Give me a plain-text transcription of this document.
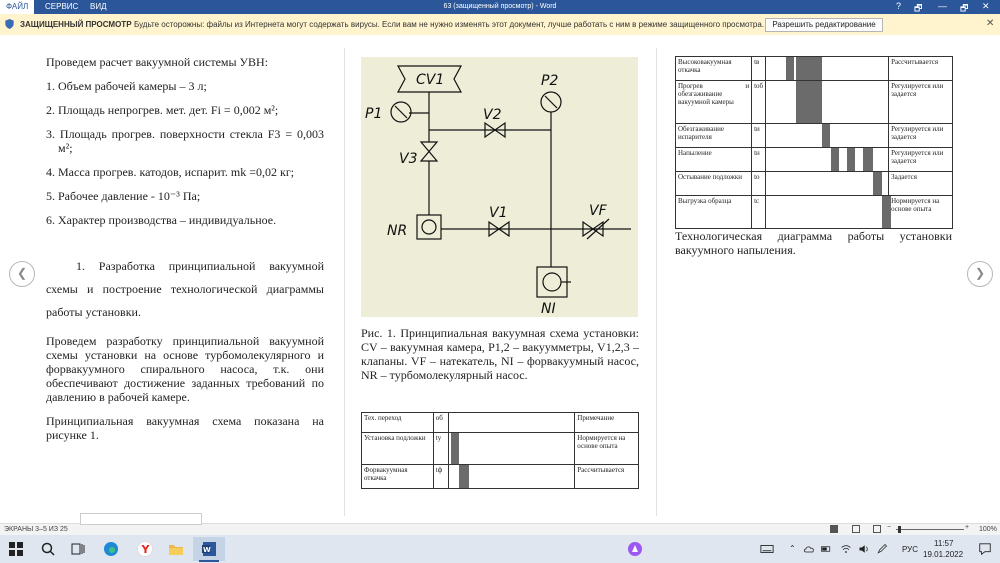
ФАЙЛ	СЕРВИС ВИД	63 (защищенный просмотр) - Word	? 🗗 — 🗗 ✕
ЗАЩИЩЕННЫЙ ПРОСМОТР Будьте осторожны: файлы из Интернета могут содержать вирусы. Если вам не нужно изменять этот документ, лучше работать с ним в режиме защищенного просмотра.	Разрешить редактирование	✕
❮	❯

Проведем расчет вакуумной системы УВН:

1. Объем рабочей камеры – 3 л;

2. Площадь непрогрев. мет. дет. Fi = 0,002 м²;

3. Площадь прогрев. поверхности стекла F3 = 0,003 м²;

4. Масса прогрев. катодов, испарит. mk =0,02 кг;

5. Рабочее давление - 10⁻³ Па;

6. Характер производства – индивидуальное.

1. Разработка принципиальной вакуумной схемы и построение технологической диаграммы работы установки.

Проведем разработку принципиальной вакуумной схемы установки на основе турбомолекулярного и форвакуумного спирального насоса, т.к. они обеспечивают достижение заданных требований по давлению в рабочей камере.

Принципиальная вакуумная схема показана на рисунке 1.

CV1
P1
P2
V2
V3
NR
V1	VF
NI
Рис. 1. Принципиальная вакуумная схема установки: CV – вакуумная камера, P1,2 – вакуумметры, V1,2,3 – клапаны. VF – натекатель, NI – форвакуумный насос, NR – турбомолекулярный насос.
Тех. переход	об		Примечание
Установка подложки	tу		Нормируется на основе опыта
Форвакуумная откачка	tф		Рассчитывается
Высоковакуумная откачка	tв		Рассчитывается
Прогрев и обезгаживание вакуумной камеры	tоб		Регулируется или задается
Обезгаживание испарителя	tи		Регулируется или задается
Напыление	tн		Регулируется или задается
Остывание подложки	tо		Задается
Выгрузка образца	tс		Нормируется на основе опыта
Технологическая диаграмма работы установки вакуумного напыления.
ЭКРАНЫ 3–5 ИЗ 25	−	+ 100%
Y	W	⌃	РУС
11:57
19.01.2022
